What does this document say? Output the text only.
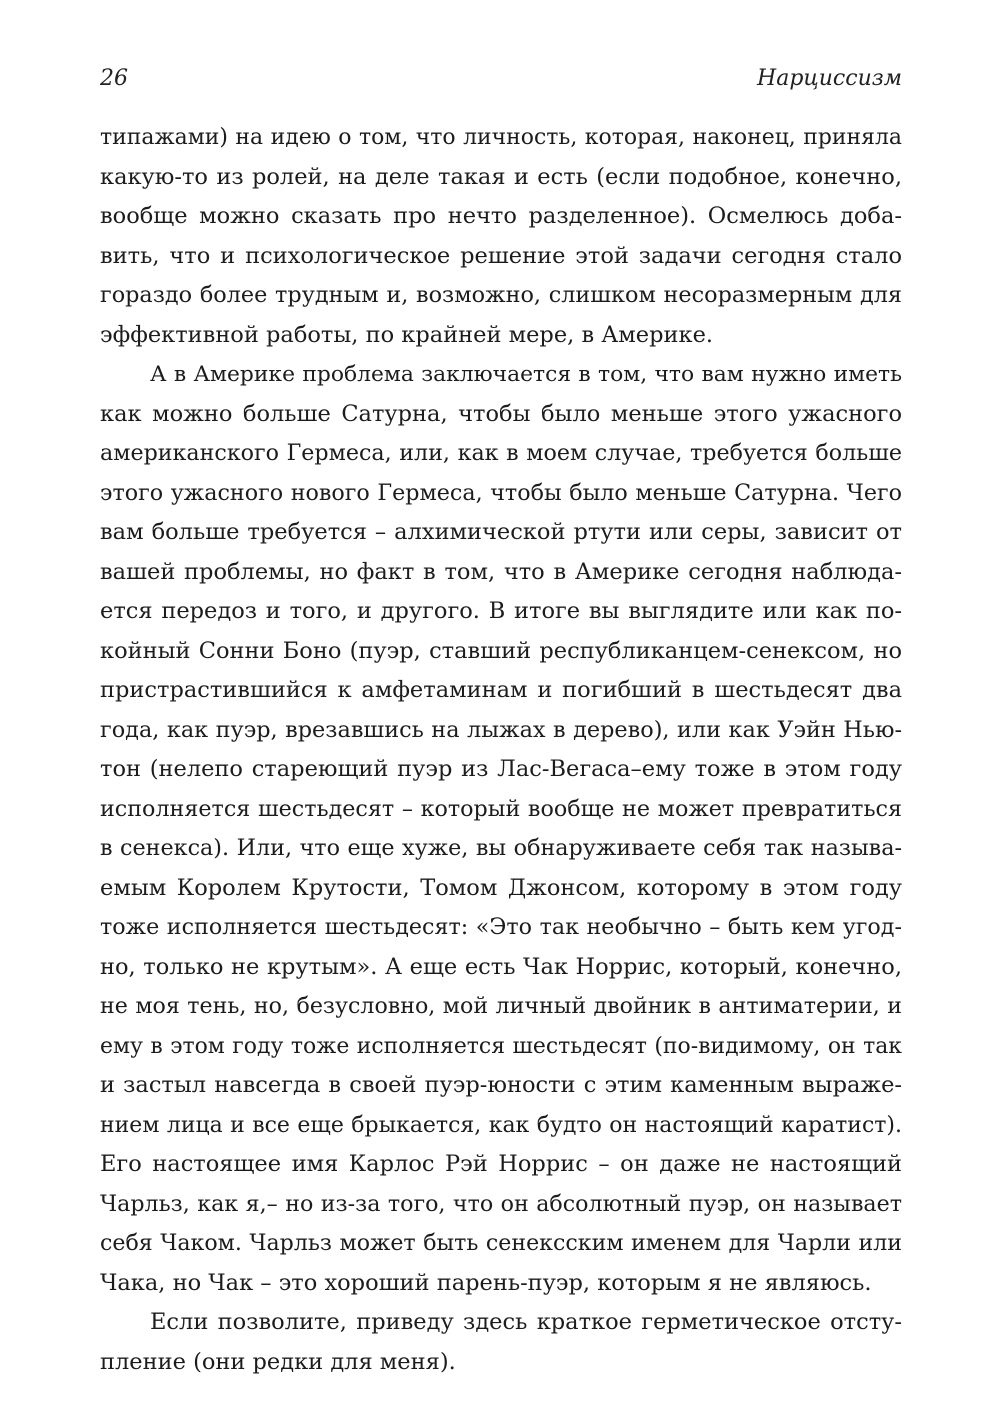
26	Нарциссизм
типажами) на идею о том, что личность, которая, наконец, приняла
какую-то из ролей, на деле такая и есть (если подобное, конечно,
вообще можно сказать про нечто разделенное). Осмелюсь доба-
вить, что и психологическое решение этой задачи сегодня стало
гораздо более трудным и, возможно, слишком несоразмерным для
эффективной работы, по крайней мере, в Америке.
А в Америке проблема заключается в том, что вам нужно иметь
как можно больше Сатурна, чтобы было меньше этого ужасного
американского Гермеса, или, как в моем случае, требуется больше
этого ужасного нового Гермеса, чтобы было меньше Сатурна. Чего
вам больше требуется – алхимической ртути или серы, зависит от
вашей проблемы, но факт в том, что в Америке сегодня наблюда-
ется передоз и того, и другого. В итоге вы выглядите или как по-
койный Сонни Боно (пуэр, ставший республиканцем-сенексом, но
пристрастившийся к амфетаминам и погибший в шестьдесят два
года, как пуэр, врезавшись на лыжах в дерево), или как Уэйн Нью-
тон (нелепо стареющий пуэр из Лас-Вегаса–ему тоже в этом году
исполняется шестьдесят – который вообще не может превратиться
в сенекса). Или, что еще хуже, вы обнаруживаете себя так называ-
емым Королем Крутости, Томом Джонсом, которому в этом году
тоже исполняется шестьдесят: «Это так необычно – быть кем угод-
но, только не крутым». А еще есть Чак Норрис, который, конечно,
не моя тень, но, безусловно, мой личный двойник в антиматерии, и
ему в этом году тоже исполняется шестьдесят (по-видимому, он так
и застыл навсегда в своей пуэр-юности с этим каменным выраже-
нием лица и все еще брыкается, как будто он настоящий каратист).
Его настоящее имя Карлос Рэй Норрис – он даже не настоящий
Чарльз, как я,– но из-за того, что он абсолютный пуэр, он называет
себя Чаком. Чарльз может быть сенекcским именем для Чарли или
Чака, но Чак – это хороший парень-пуэр, которым я не являюсь.
Если позволите, приведу здесь краткое герметическое отсту-
пление (они редки для меня).
